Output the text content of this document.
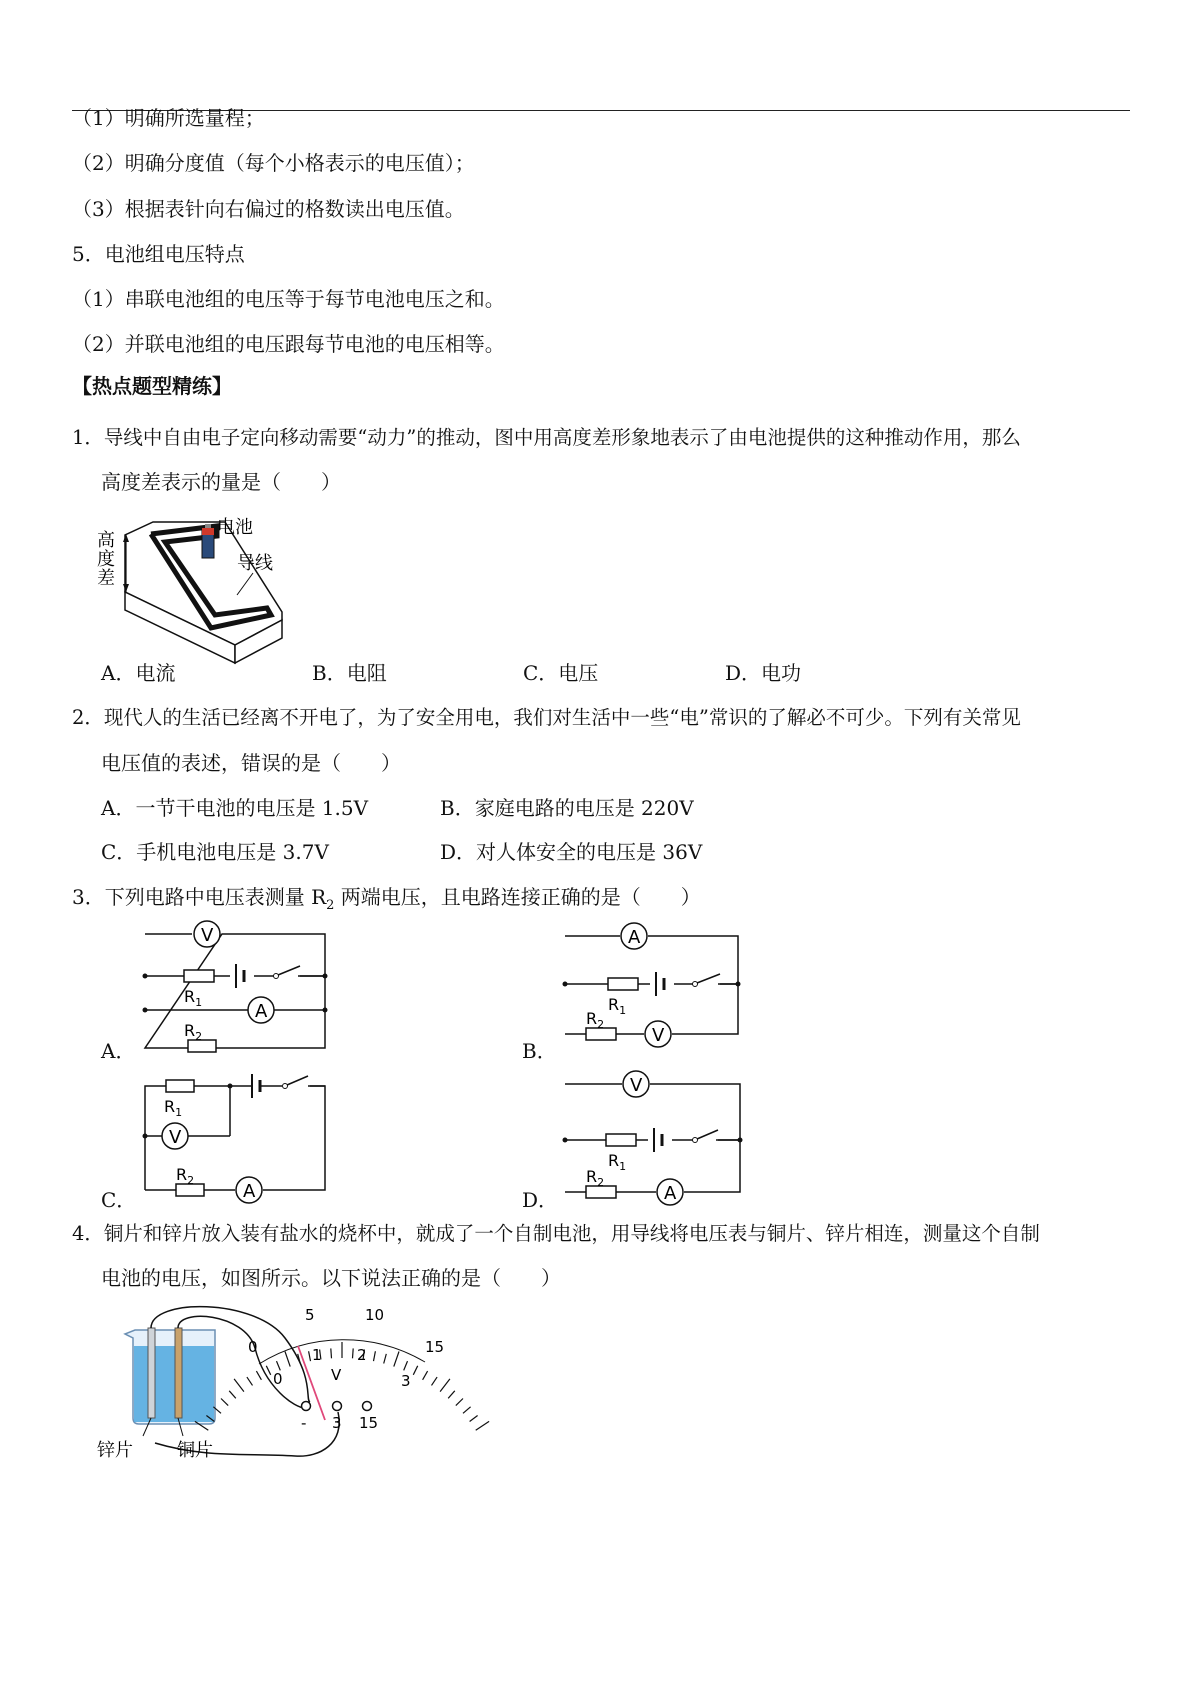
（1）明确所选量程；
（2）明确分度值（每个小格表示的电压值）；
（3）根据表针向右偏过的格数读出电压值。
5．电池组电压特点
（1）串联电池组的电压等于每节电池电压之和。
（2）并联电池组的电压跟每节电池的电压相等。
【热点题型精练】
1．导线中自由电子定向移动需要“动力”的推动，图中用高度差形象地表示了由电池提供的这种推动作用，那么
高度差表示的量是（　　）
高
度
差
电池
导线
A．电流	B．电阻	C．电压	D．电功
2．现代人的生活已经离不开电了，为了安全用电，我们对生活中一些“电”常识的了解必不可少。下列有关常见
电压值的表述，错误的是（　　）
A．一节干电池的电压是 1.5V	B．家庭电路的电压是 220V
C．手机电池电压是 3.7V	D．对人体安全的电压是 36V
3．下列电路中电压表测量 $R_2$ 两端电压，且电路连接正确的是（　　）
V
A
$R_1$
$R_2$
A．
A
V
$R_1$
$R_2$
B．
V
A
$R_1$
$R_2$
C．
V
A
$R_1$
$R_2$
D．
4．铜片和锌片放入装有盐水的烧杯中，就成了一个自制电池，用导线将电压表与铜片、锌片相连，测量这个自制
电池的电压，如图所示。以下说法正确的是（　　）
锌片 铜片
0
5	10
15
0
1 2
3
V
- 3 15
